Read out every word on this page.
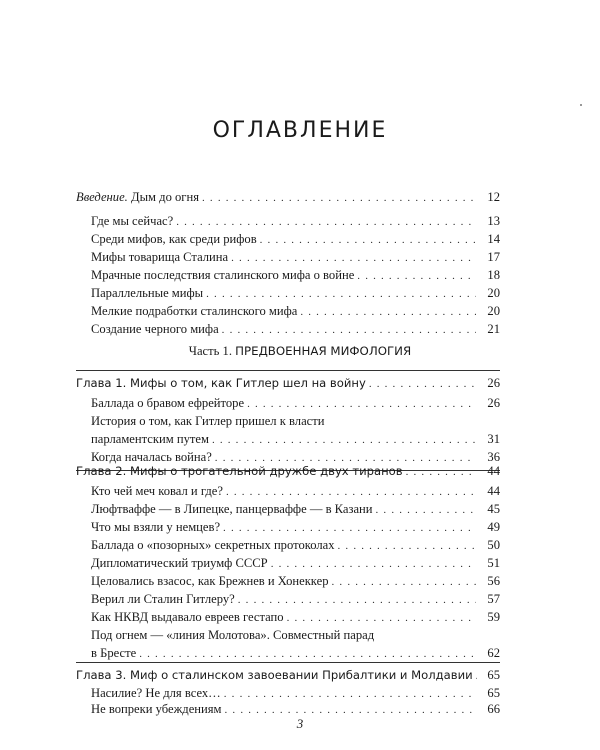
ОГЛАВЛЕНИЕ
Введение. Дым до огня . . .	12
Где мы сейчас? . . .	13
Среди мифов, как среди рифов . . .	14
Мифы товарища Сталина . . .	17
Мрачные последствия сталинского мифа о войне . . .	18
Параллельные мифы . . .	20
Мелкие подработки сталинского мифа . . .	20
Создание черного мифа . . .	21
Часть 1. ПРЕДВОЕННАЯ МИФОЛОГИЯ
Глава 1. Мифы о том, как Гитлер шел на войну . . .	26
Баллада о бравом ефрейторе . . .	26
История о том, как Гитлер пришел к власти
парламентским путем . . .	31
Когда началась война? . . .	36
Глава 2. Мифы о трогательной дружбе двух тиранов . . .	44
Кто чей меч ковал и где? . . .	44
Люфтваффе — в Липецке, панцерваффе — в Казани . . .	45
Что мы взяли у немцев? . . .	49
Баллада о «позорных» секретных протоколах . . .	50
Дипломатический триумф СССР . . .	51
Целовались взасос, как Брежнев и Хонеккер . . .	56
Верил ли Сталин Гитлеру? . . .	57
Как НКВД выдавало евреев гестапо . . .	59
Под огнем — «линия Молотова». Совместный парад
в Бресте . . .	62
Глава 3. Миф о сталинском завоевании Прибалтики и Молдавии . . .	65
Насилие? Не для всех… . . .	65
Не вопреки убеждениям . . .	66
3
